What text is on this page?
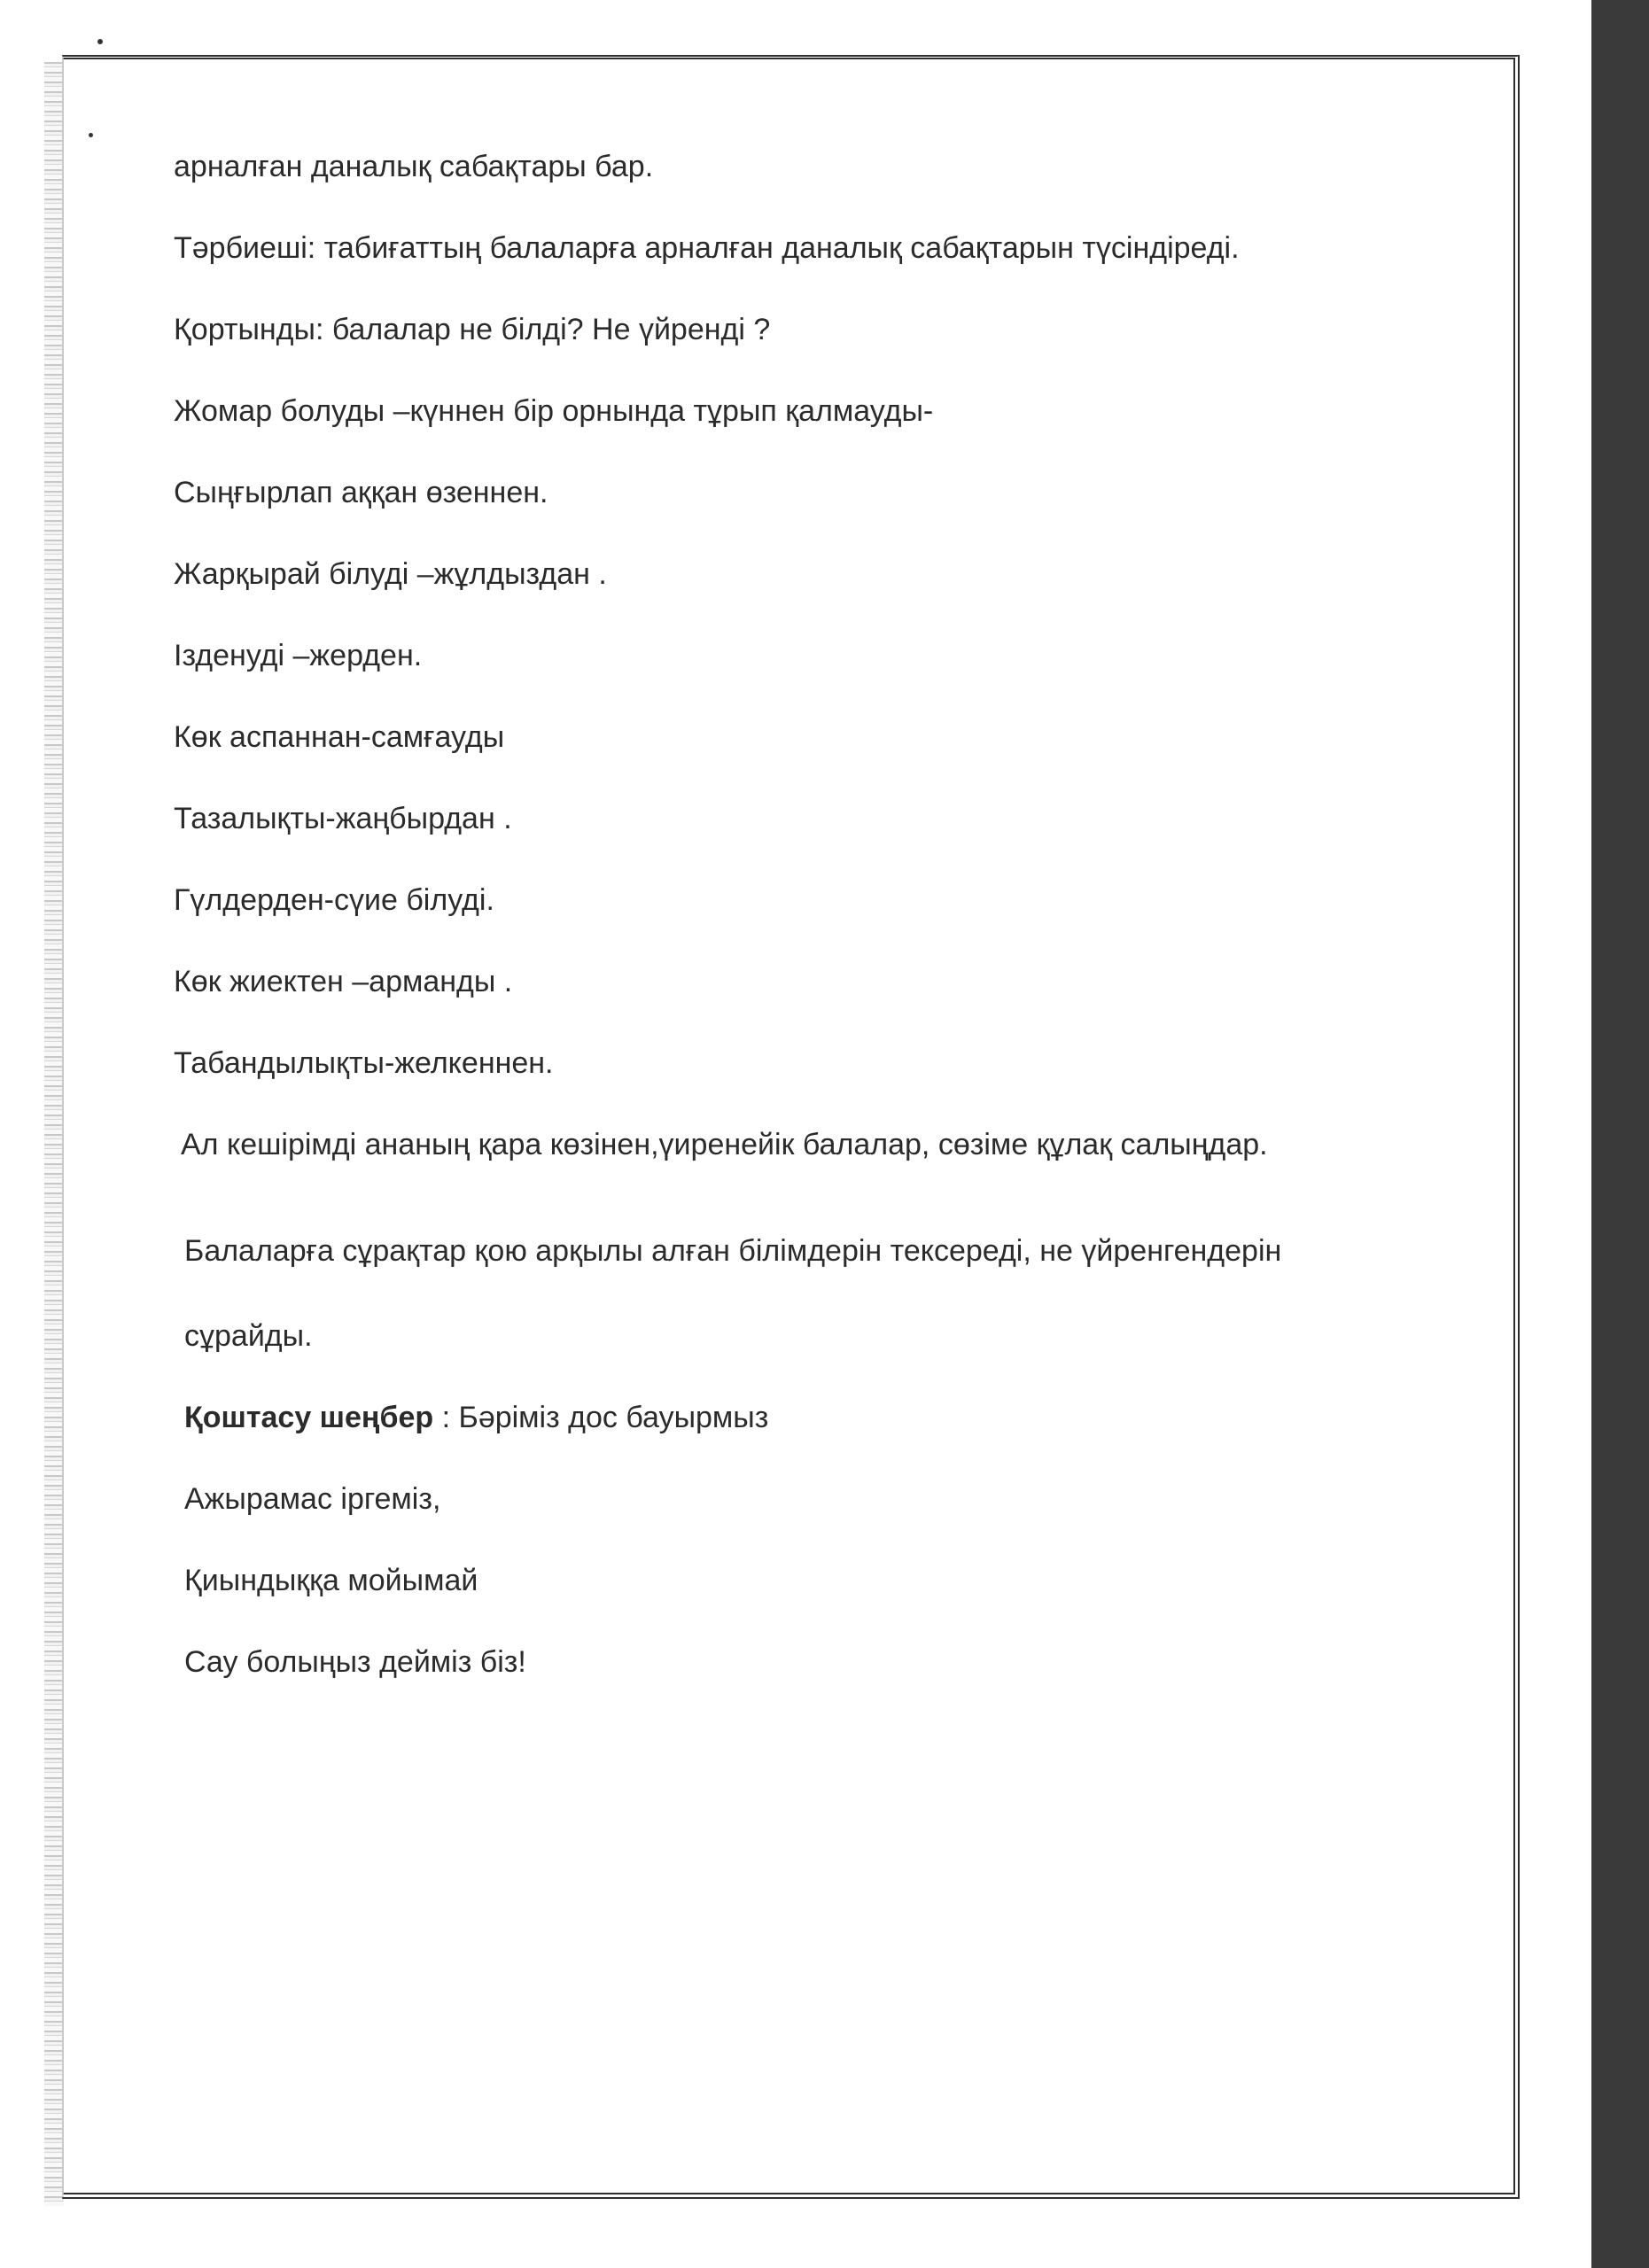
арналған даналық сабақтары бар.

Тәрбиеші: табиғаттың балаларға арналған даналық сабақтарын түсіндіреді.

Қортынды: балалар не білді? Не үйренді ?

Жомар болуды –күннен бір орнында тұрып қалмауды-

Сыңғырлап аққан өзеннен.

Жарқырай білуді –жұлдыздан .

Ізденуді –жерден.

Көк аспаннан-самғауды

Тазалықты-жаңбырдан .

Гүлдерден-сүие білуді.

Көк жиектен –арманды .

Табандылықты-желкеннен.

Ал кешірімді ананың қара көзінен,үиренейік балалар, сөзіме құлақ салыңдар.

Балаларға сұрақтар қою арқылы алған білімдерін тексереді, не үйренгендерін

сұрайды.

Қоштасу шеңбер : Бәріміз дос бауырмыз

Ажырамас іргеміз,

Қиындыққа мойымай

Сау болыңыз дейміз біз!
